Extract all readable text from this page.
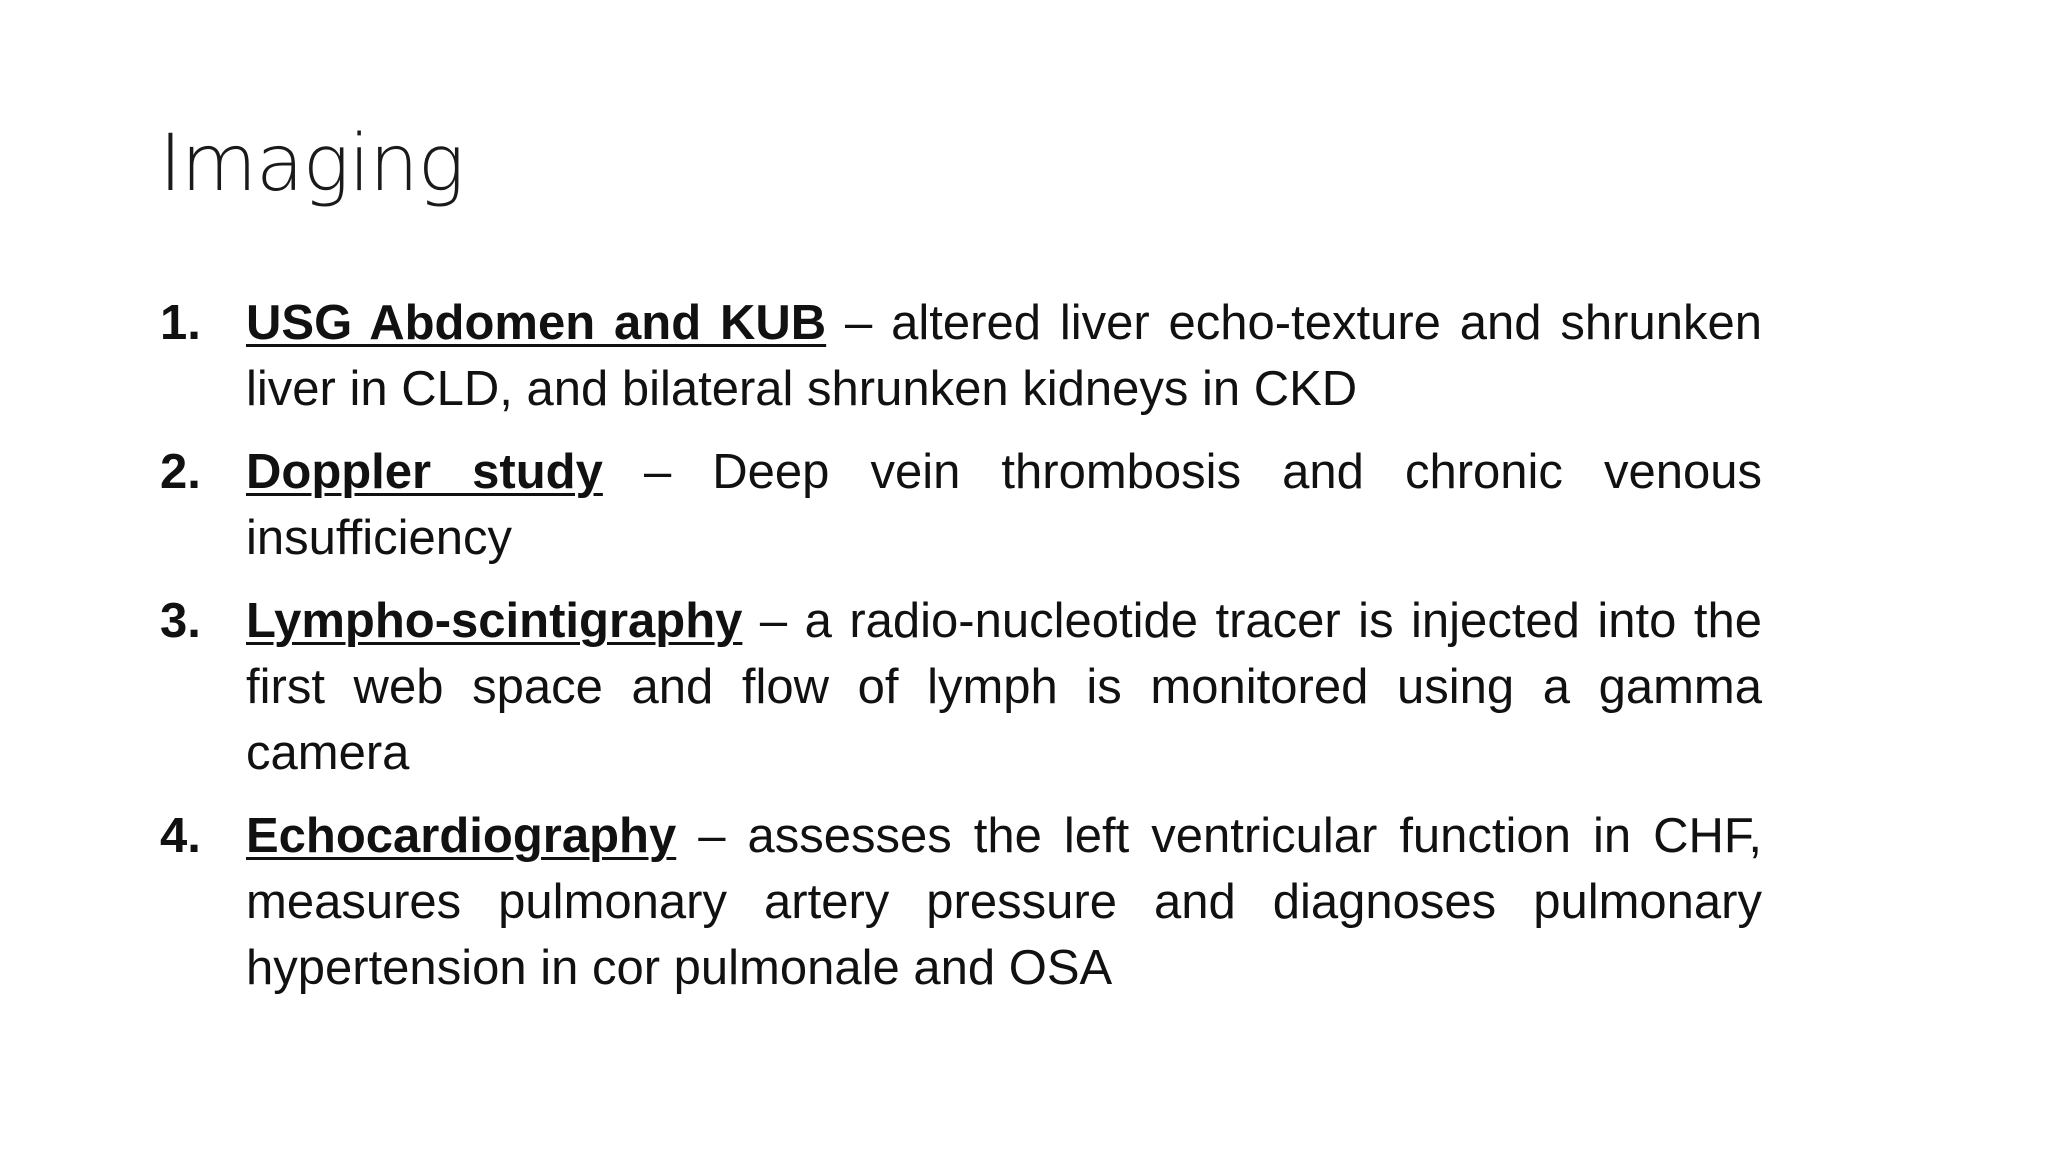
Imaging
1. USG Abdomen and KUB – altered liver echo-texture and shrunken liver in CLD, and bilateral shrunken kidneys in CKD
2. Doppler study – Deep vein thrombosis and chronic venous insufficiency
3. Lympho-scintigraphy – a radio-nucleotide tracer is injected into the first web space and flow of lymph is monitored using a gamma camera
4. Echocardiography – assesses the left ventricular function in CHF, measures pulmonary artery pressure and diagnoses pulmonary hypertension in cor pulmonale and OSA
